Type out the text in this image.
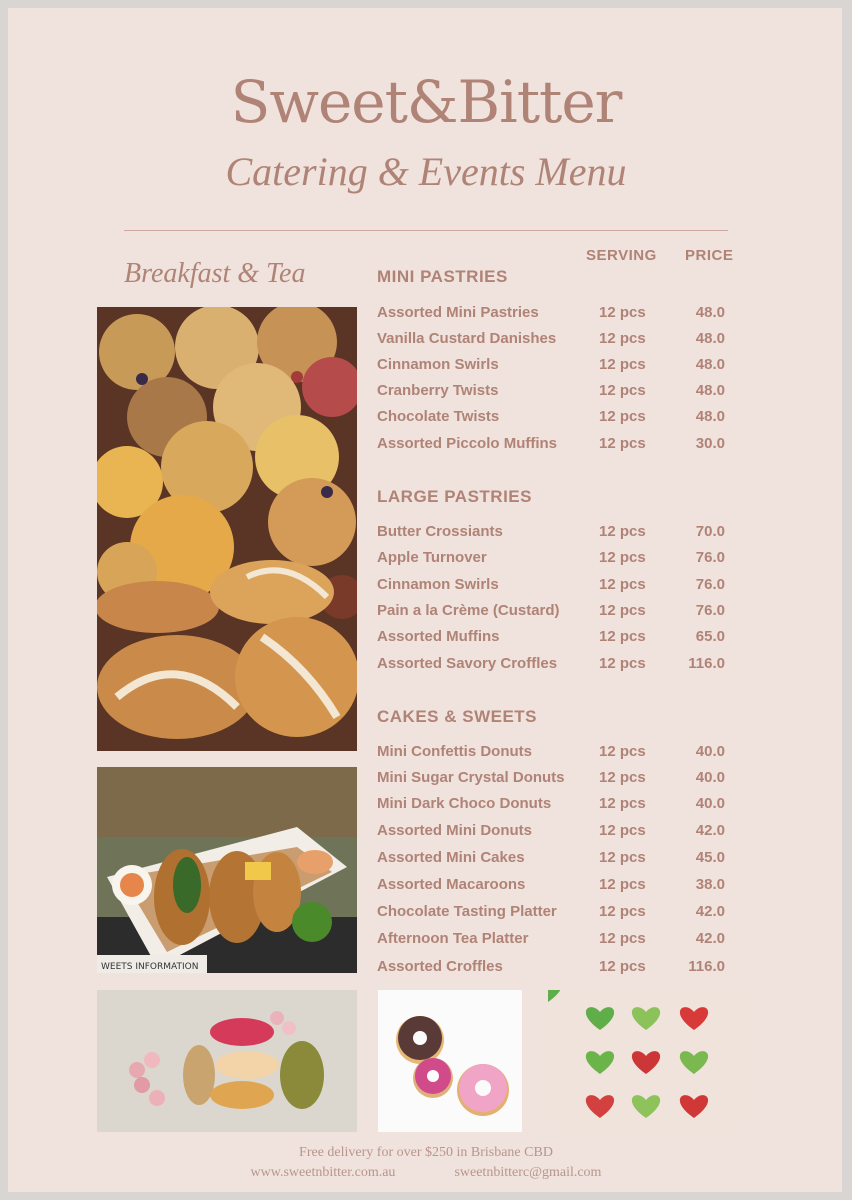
Sweet&Bitter
Catering & Events Menu
Breakfast & Tea
SERVING PRICE
MINI PASTRIES
Assorted Mini Pastries	12 pcs	48.0
Vanilla Custard Danishes	12 pcs	48.0
Cinnamon Swirls	12 pcs	48.0
Cranberry Twists	12 pcs	48.0
Chocolate Twists	12 pcs	48.0
Assorted Piccolo Muffins	12 pcs	30.0
LARGE PASTRIES
Butter Crossiants	12 pcs	70.0
Apple Turnover	12 pcs	76.0
Cinnamon Swirls	12 pcs	76.0
Pain a la Crème (Custard)	12 pcs	76.0
Assorted Muffins	12 pcs	65.0
Assorted Savory Croffles	12 pcs	116.0
CAKES & SWEETS
Mini Confettis Donuts	12 pcs	40.0
Mini Sugar Crystal Donuts 12 pcs	40.0
Mini Dark Choco Donuts	12 pcs	40.0
Assorted Mini Donuts	12 pcs	42.0
Assorted Mini Cakes	12 pcs	45.0
Assorted Macaroons	12 pcs	38.0
Chocolate Tasting Platter	12 pcs	42.0
Afternoon Tea Platter	12 pcs	42.0
Assorted Croffles	12 pcs	116.0
WEETS INFORMATION
Free delivery for over $250 in Brisbane CBD
www.sweetnbitter.com.au	sweetnbitterc@gmail.com
